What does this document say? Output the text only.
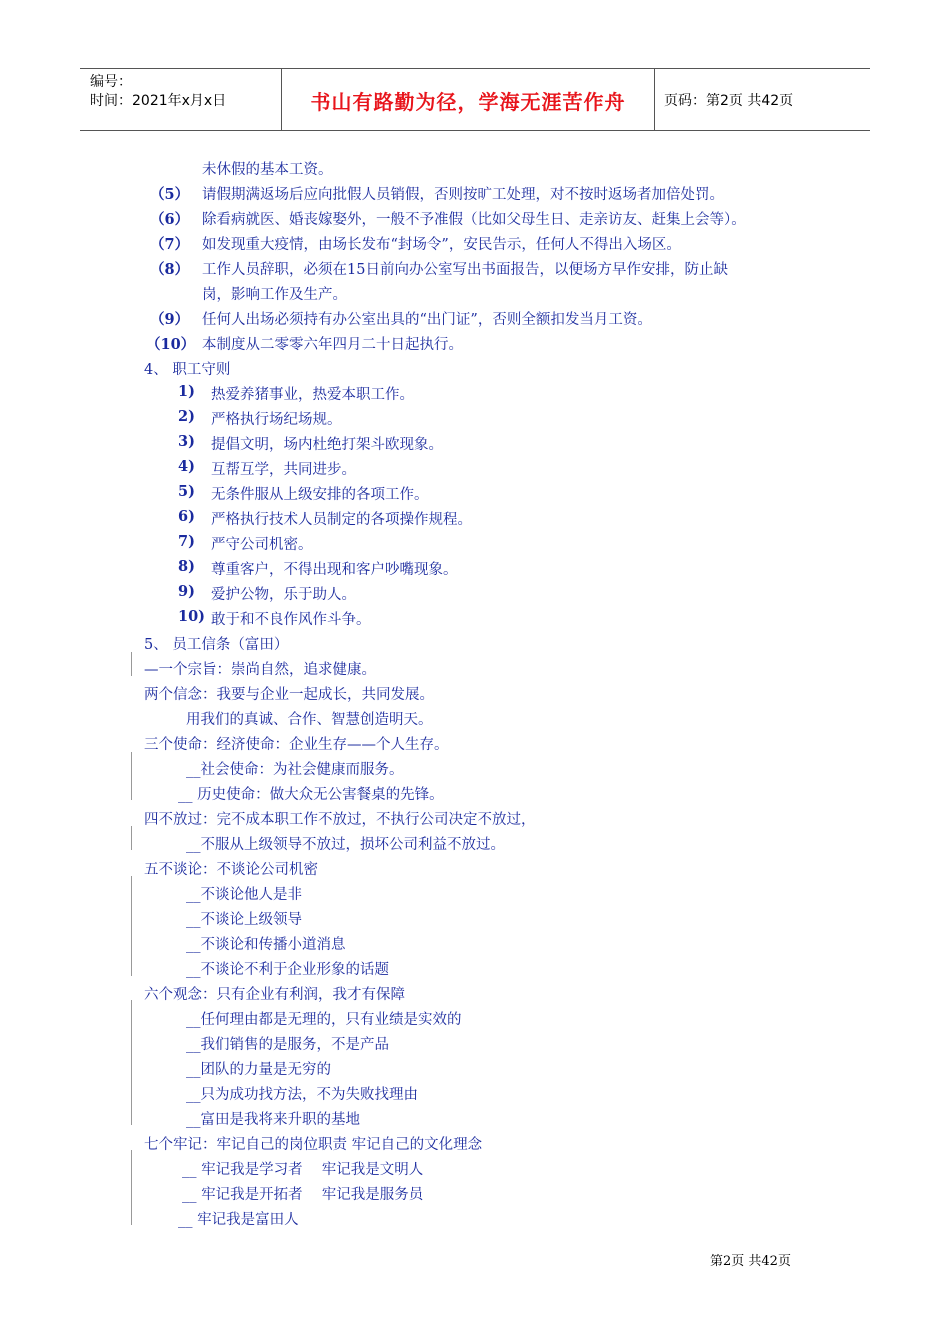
编号：
时间：2021年x月x日	书山有路勤为径，学海无涯苦作舟	页码：第2页 共42页
未休假的基本工资。
（5） 请假期满返场后应向批假人员销假，否则按旷工处理，对不按时返场者加倍处罚。
（6） 除看病就医、婚丧嫁娶外，一般不予准假（比如父母生日、走亲访友、赶集上会等）。
（7） 如发现重大疫情，由场长发布“封场令”，安民告示，任何人不得出入场区。
（8） 工作人员辞职，必须在15日前向办公室写出书面报告，以便场方早作安排，防止缺
岗，影响工作及生产。
（9） 任何人出场必须持有办公室出具的“出门证”，否则全额扣发当月工资。
（10） 本制度从二零零六年四月二十日起执行。
4、 职工守则
1) 热爱养猪事业，热爱本职工作。
2) 严格执行场纪场规。
3) 提倡文明，场内杜绝打架斗欧现象。
4) 互帮互学，共同进步。
5) 无条件服从上级安排的各项工作。
6) 严格执行技术人员制定的各项操作规程。
7) 严守公司机密。
8) 尊重客户，不得出现和客户吵嘴现象。
9) 爱护公物，乐于助人。
10) 敢于和不良作风作斗争。
5、 员工信条（富田）
—一个宗旨：崇尚自然，追求健康。
两个信念：我要与企业一起成长，共同发展。
用我们的真诚、合作、智慧创造明天。
三个使命：经济使命：企业生存——个人生存。
__社会使命：为社会健康而服务。
__ 历史使命：做大众无公害餐桌的先锋。
四不放过：完不成本职工作不放过，不执行公司决定不放过，
__不服从上级领导不放过，损坏公司利益不放过。
五不谈论：不谈论公司机密
__不谈论他人是非
__不谈论上级领导
__不谈论和传播小道消息
__不谈论不利于企业形象的话题
六个观念：只有企业有利润，我才有保障
__任何理由都是无理的，只有业绩是实效的
__我们销售的是服务，不是产品
__团队的力量是无穷的
__只为成功找方法，不为失败找理由
__富田是我将来升职的基地
七个牢记：牢记自己的岗位职责 牢记自己的文化理念
__ 牢记我是学习者　 牢记我是文明人
__ 牢记我是开拓者　 牢记我是服务员
__ 牢记我是富田人
第2页 共42页
